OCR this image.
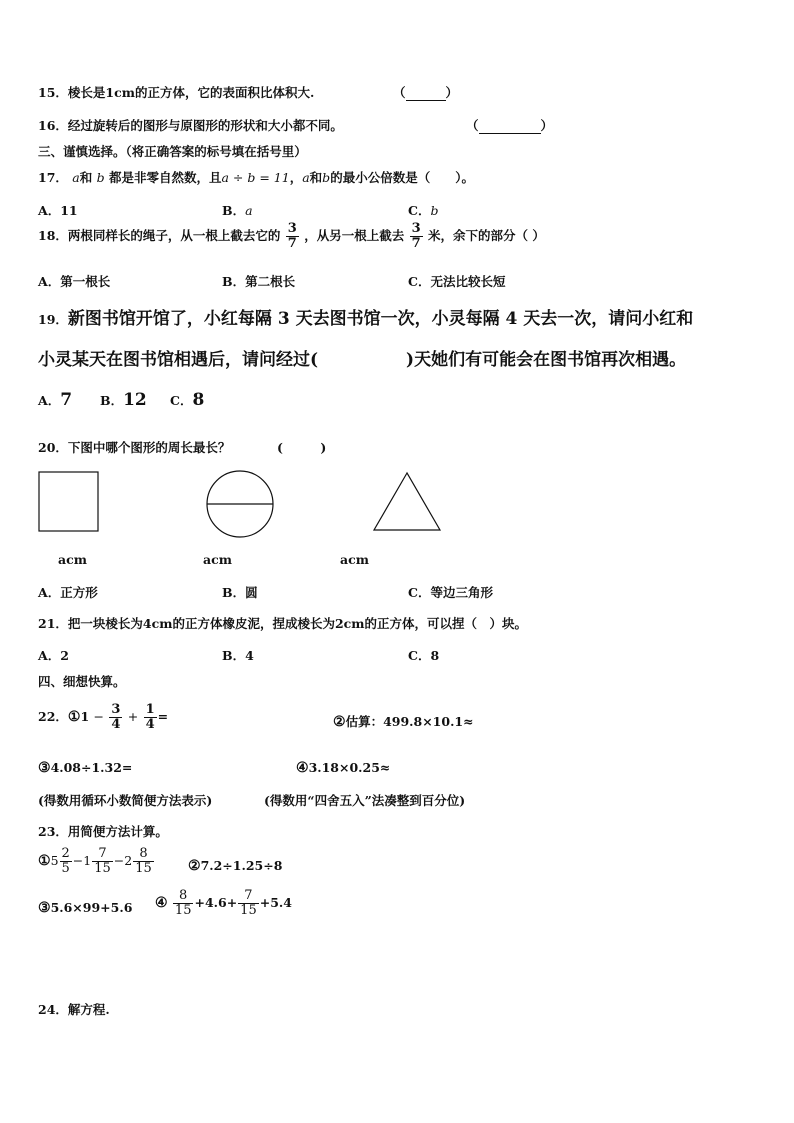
15．棱长是1cm的正方体，它的表面积比体积大.	（	）
16．经过旋转后的图形与原图形的形状和大小都不同。	（	）
三、谨慎选择。（将正确答案的标号填在括号里）
17． a和 b 都是非零自然数，且a ÷ b = 11，a和b的最小公倍数是（　　）。
A．11	B．a	C．b
18．两根同样长的绳子，从一根上截去它的 $\frac{3}{7}$ ，从另一根上截去 $\frac{3}{7}$ 米，余下的部分（ ）
A．第一根长	B．第二根长	C．无法比较长短
19．新图书馆开馆了，小红每隔 3 天去图书馆一次，小灵每隔 4 天去一次，请问小红和
小灵某天在图书馆相遇后，请问经过(	)天她们有可能会在图书馆再次相遇。
A．7 B．12 C．8
20．下图中哪个图形的周长最长？	(　　　)
acm	acm	acm
A．正方形	B．圆	C．等边三角形
21．把一块棱长为4cm的正方体橡皮泥，捏成棱长为2cm的正方体，可以捏（　）块。
A．2	B．4	C．8
四、细想快算。
22．①1 − $\frac{3}{4} + \frac{1}{4}$ =	②估算：499.8×10.1≈
③4.08÷1.32=	④3.18×0.25≈
(得数用循环小数简便方法表示)	(得数用“四舍五入”法凑整到百分位)
23．用简便方法计算。
①5 $\frac{2}{5} -1 \frac{7}{15} -2 \frac{8}{15}$ ②7.2÷1.25÷8
③5.6×99+5.6 ④ $\frac{8}{15} +4.6+ \frac{7}{15} +5.4$
24．解方程.
